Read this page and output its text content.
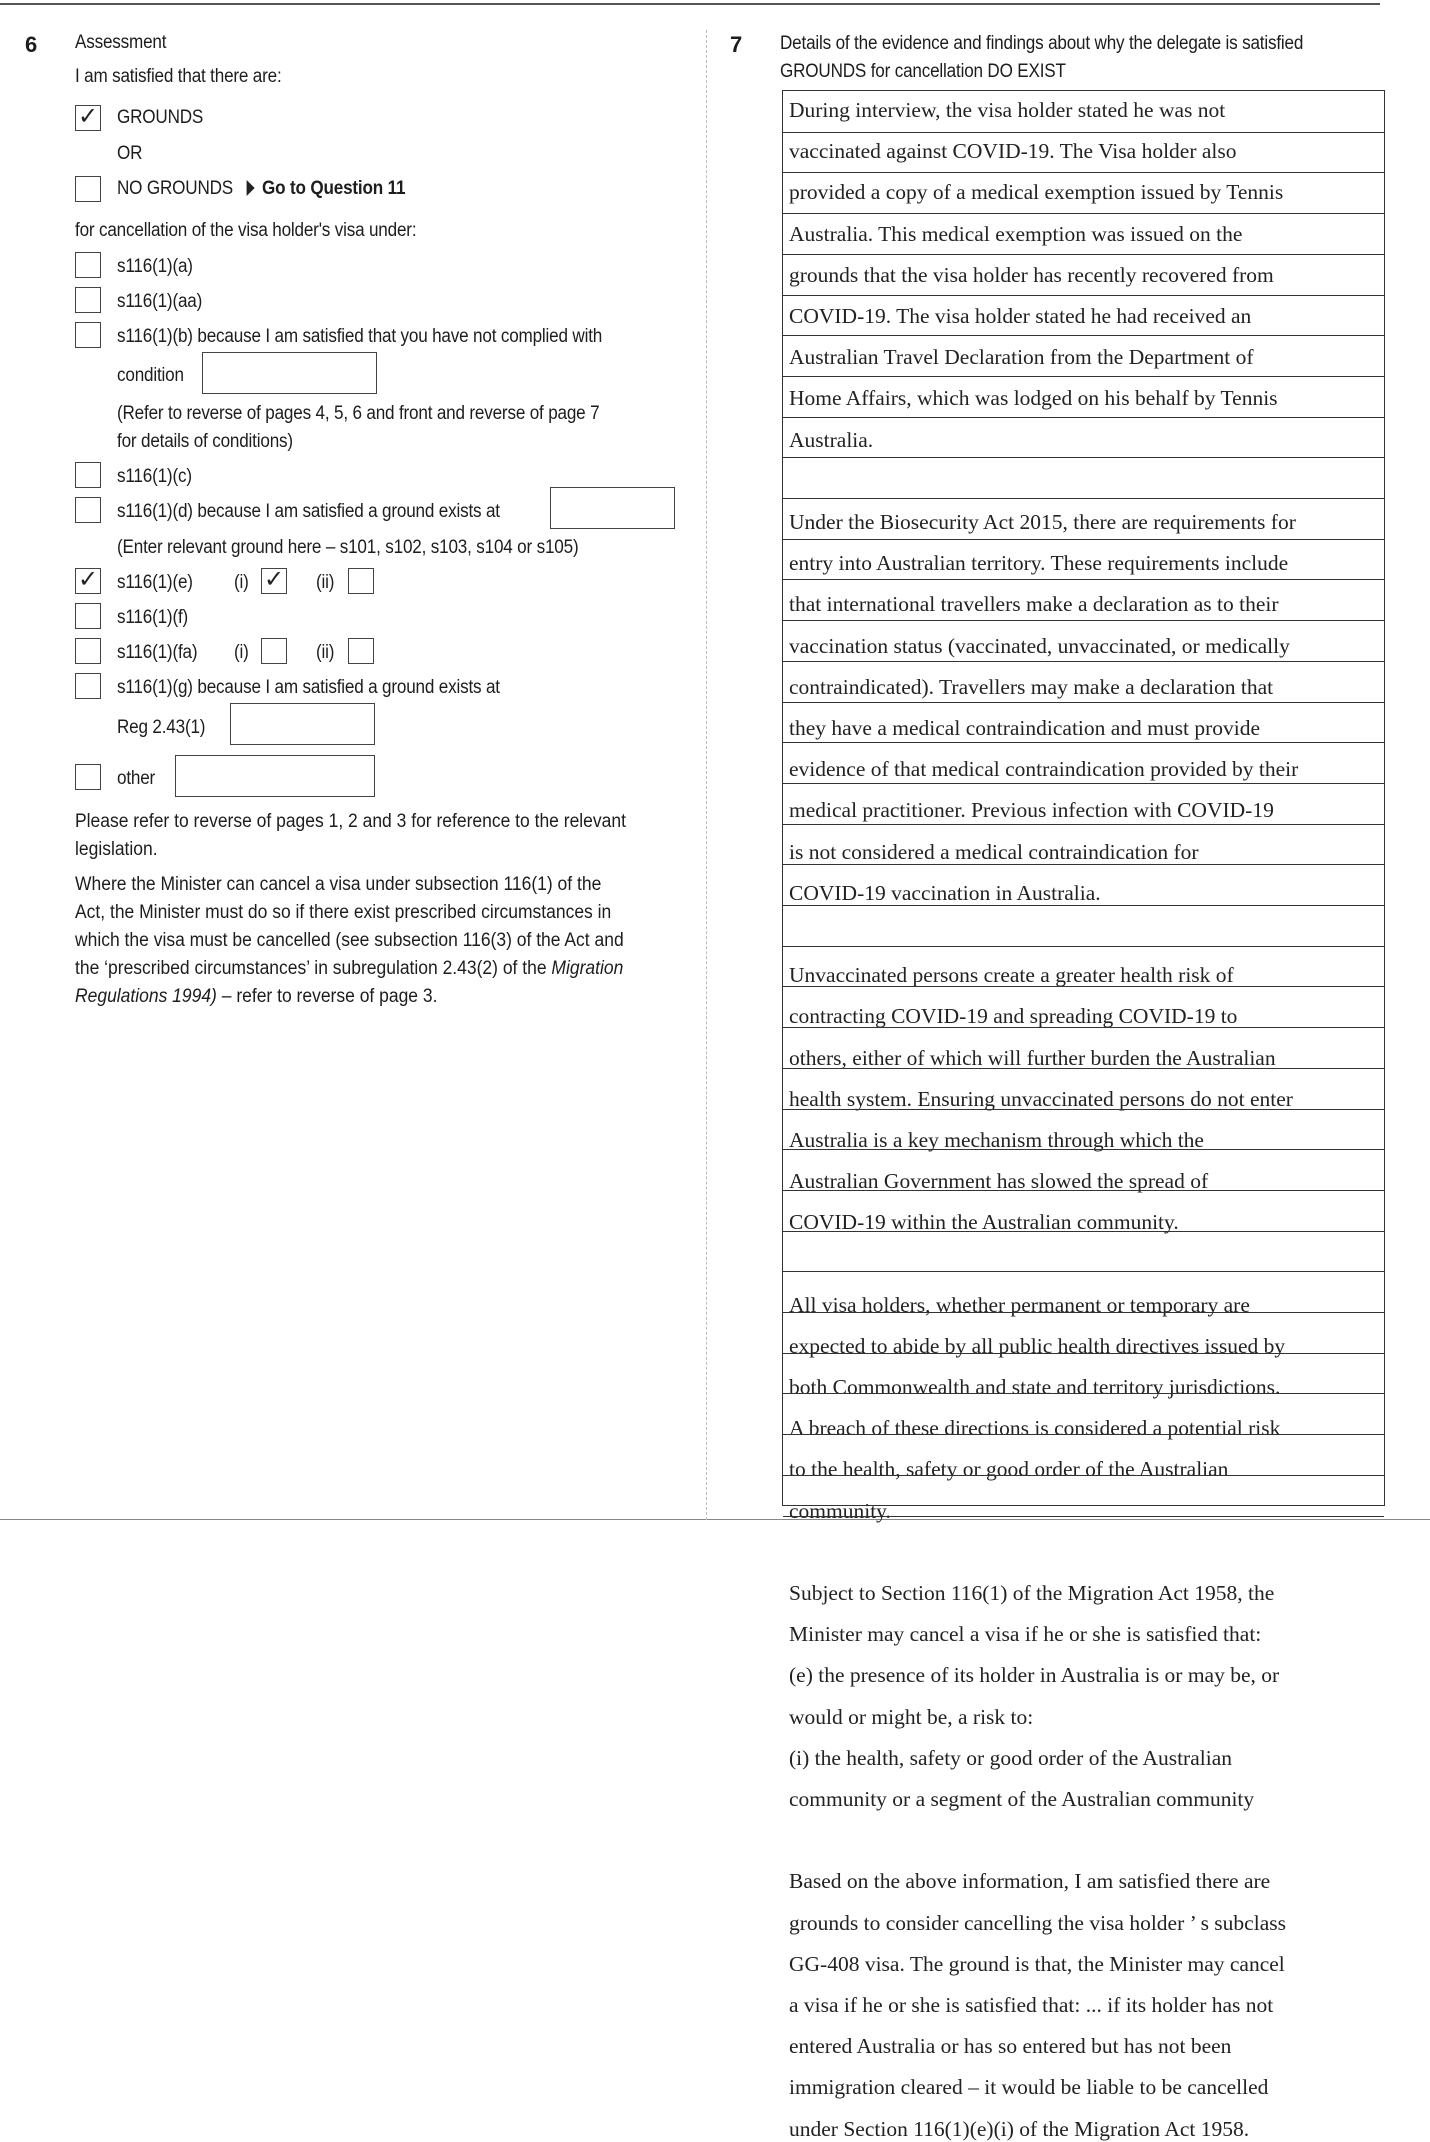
6 Assessment
I am satisfied that there are:
✓ GROUNDS
OR
NO GROUNDS Go to Question 11
for cancellation of the visa holder's visa under:
s116(1)(a)
s116(1)(aa)
s116(1)(b) because I am satisfied that you have not complied with
condition
(Refer to reverse of pages 4, 5, 6 and front and reverse of page 7
for details of conditions)
s116(1)(c)
s116(1)(d) because I am satisfied a ground exists at
(Enter relevant ground here – s101, s102, s103, s104 or s105)
✓ s116(1)(e) (i) ✓ (ii)
s116(1)(f)
s116(1)(fa) (i)	(ii)
s116(1)(g) because I am satisfied a ground exists at
Reg 2.43(1)
other
Please refer to reverse of pages 1, 2 and 3 for reference to the relevant
legislation.
Where the Minister can cancel a visa under subsection 116(1) of the
Act, the Minister must do so if there exist prescribed circumstances in
which the visa must be cancelled (see subsection 116(3) of the Act and
the ‘prescribed circumstances’ in subregulation 2.43(2) of the Migration
Regulations 1994) – refer to reverse of page 3.
7 Details of the evidence and findings about why the delegate is satisfied
GROUNDS for cancellation DO EXIST
During interview, the visa holder stated he was not
vaccinated against COVID-19. The Visa holder also
provided a copy of a medical exemption issued by Tennis
Australia. This medical exemption was issued on the
grounds that the visa holder has recently recovered from
COVID-19. The visa holder stated he had received an
Australian Travel Declaration from the Department of
Home Affairs, which was lodged on his behalf by Tennis
Australia.
Under the Biosecurity Act 2015, there are requirements for
entry into Australian territory. These requirements include
that international travellers make a declaration as to their
vaccination status (vaccinated, unvaccinated, or medically
contraindicated). Travellers may make a declaration that
they have a medical contraindication and must provide
evidence of that medical contraindication provided by their
medical practitioner. Previous infection with COVID-19
is not considered a medical contraindication for
COVID-19 vaccination in Australia.
Unvaccinated persons create a greater health risk of
contracting COVID-19 and spreading COVID-19 to
others, either of which will further burden the Australian
health system. Ensuring unvaccinated persons do not enter
Australia is a key mechanism through which the
Australian Government has slowed the spread of
COVID-19 within the Australian community.
All visa holders, whether permanent or temporary are
expected to abide by all public health directives issued by
both Commonwealth and state and territory jurisdictions.
A breach of these directions is considered a potential risk
to the health, safety or good order of the Australian
community.
Subject to Section 116(1) of the Migration Act 1958, the
Minister may cancel a visa if he or she is satisfied that:
(e) the presence of its holder in Australia is or may be, or
would or might be, a risk to:
(i) the health, safety or good order of the Australian
community or a segment of the Australian community
Based on the above information, I am satisfied there are
grounds to consider cancelling the visa holder ’ s subclass
GG-408 visa. The ground is that, the Minister may cancel
a visa if he or she is satisfied that: ... if its holder has not
entered Australia or has so entered but has not been
immigration cleared – it would be liable to be cancelled
under Section 116(1)(e)(i) of the Migration Act 1958.
